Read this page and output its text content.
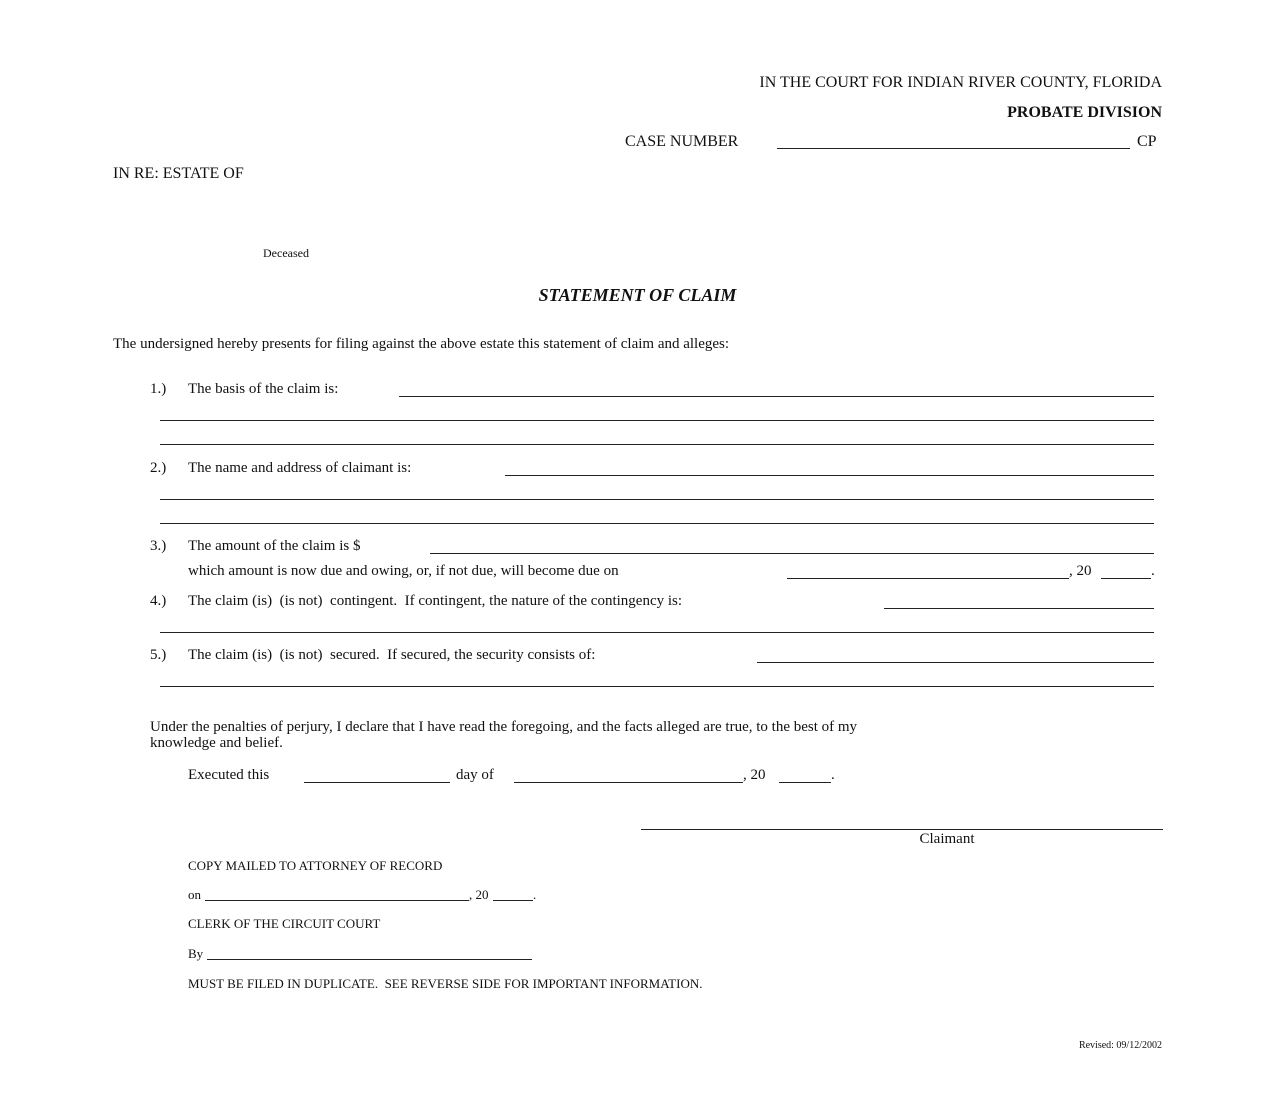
IN THE COURT FOR INDIAN RIVER COUNTY, FLORIDA
PROBATE DIVISION
CASE NUMBER	CP
IN RE: ESTATE OF
Deceased
STATEMENT OF CLAIM
The undersigned hereby presents for filing against the above estate this statement of claim and alleges:
1.) The basis of the claim is:
2.) The name and address of claimant is:
3.) The amount of the claim is $
which amount is now due and owing, or, if not due, will become due on	, 20	.
4.) The claim (is)  (is not)  contingent.  If contingent, the nature of the contingency is:
5.) The claim (is)  (is not)  secured.  If secured, the security consists of:
Under the penalties of perjury, I declare that I have read the foregoing, and the facts alleged are true, to the best of my
knowledge and belief.
Executed this	day of	, 20	.
Claimant
COPY MAILED TO ATTORNEY OF RECORD
on	, 20	.
CLERK OF THE CIRCUIT COURT
By
MUST BE FILED IN DUPLICATE.  SEE REVERSE SIDE FOR IMPORTANT INFORMATION.
Revised: 09/12/2002
